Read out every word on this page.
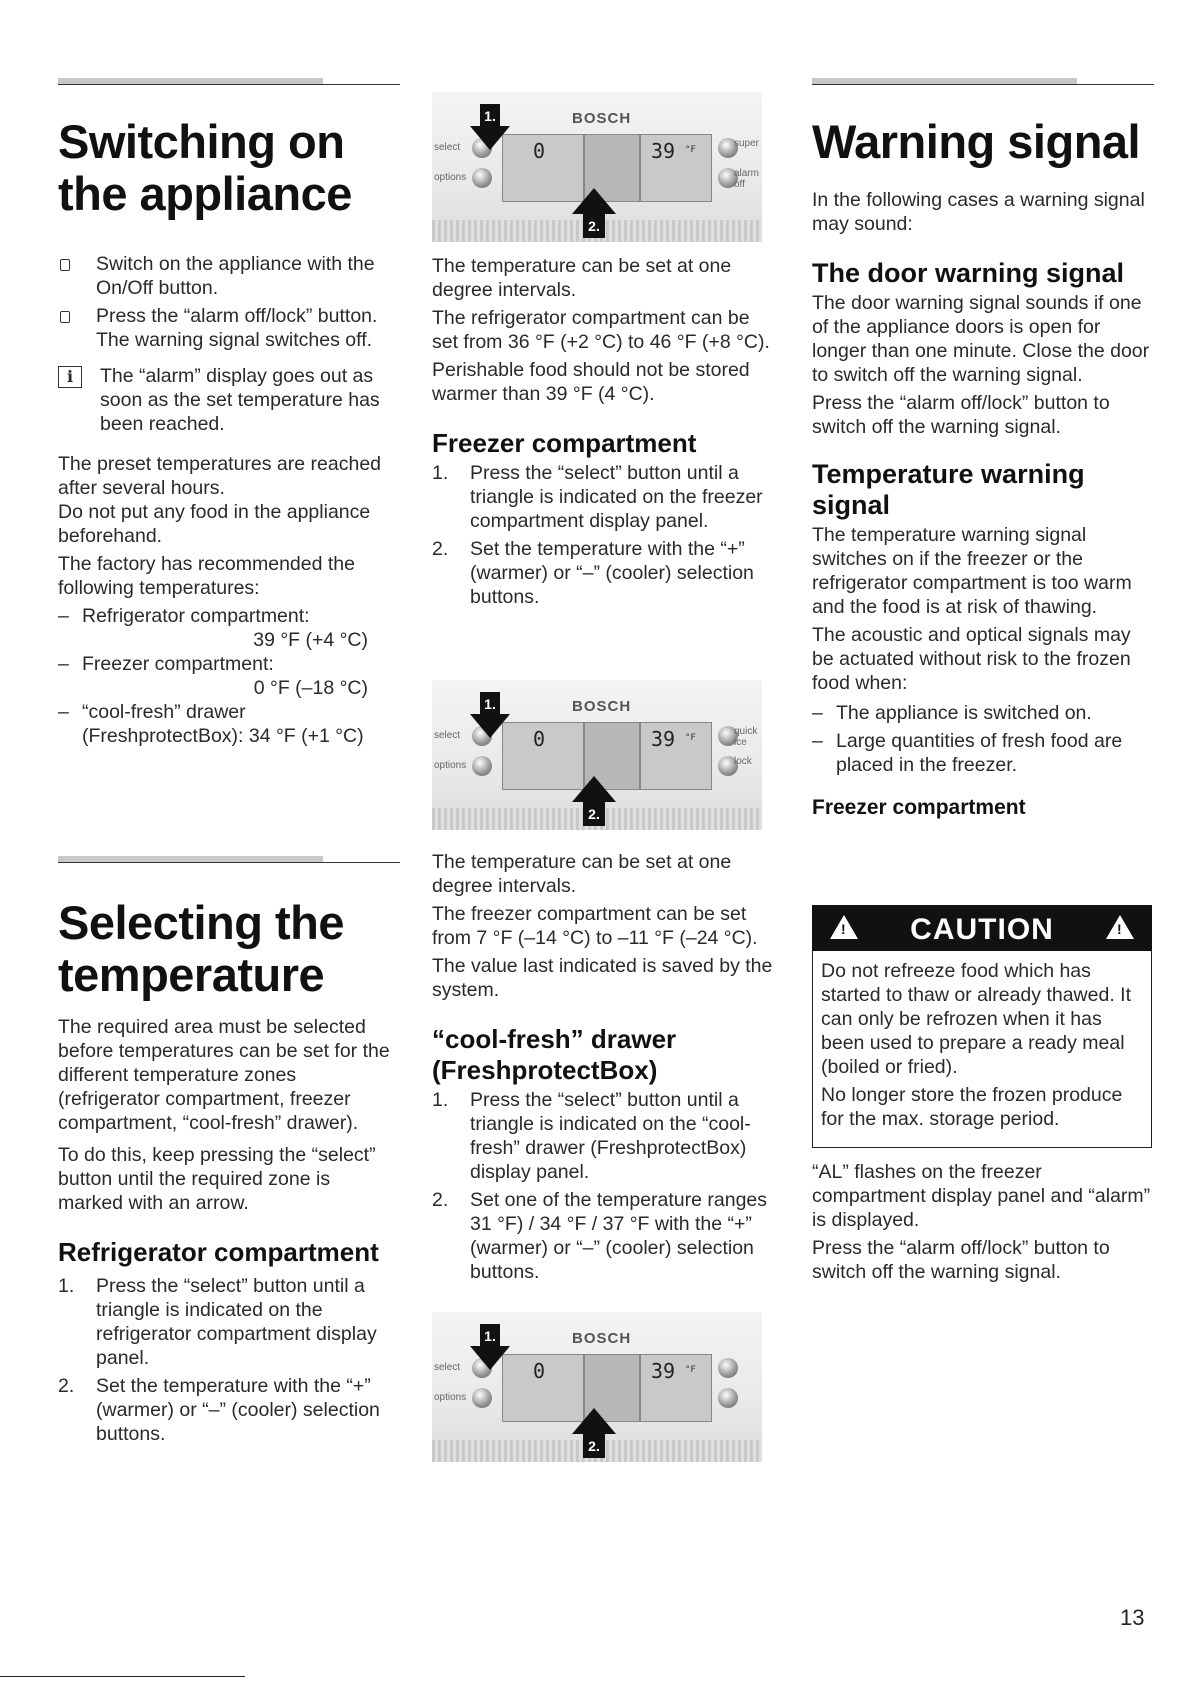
Switching on the appliance
Switch on the appliance with the On/Off button.
Press the “alarm off/lock” button. The warning signal switches off.
i	The “alarm” display goes out as soon as the set temperature has been reached.

The preset temperatures are reached after several hours.

Do not put any food in the appliance beforehand.

The factory has recommended the following temperatures:

– Refrigerator compartment:
39 °F (+4 °C)
– Freezer compartment:
0 °F (–18 °C)
– “cool-fresh” drawer
(FreshprotectBox): 34 °F (+1 °C)
Selecting the temperature

The required area must be selected before temperatures can be set for the different temperature zones (refrigerator compartment, freezer compartment, “cool-fresh” drawer).

To do this, keep pressing the “select” button until the required zone is marked with an arrow.

Refrigerator compartment
1. Press the “select” button until a triangle is indicated on the refrigerator compartment display panel.
2. Set the temperature with the “+” (warmer) or “–” (cooler) selection buttons.
BOSCH
select
options
0	39 °F
super
alarm off
1.
2.

The temperature can be set at one degree intervals.

The refrigerator compartment can be set from 36 °F (+2 °C) to 46 °F (+8 °C).

Perishable food should not be stored warmer than 39 °F (4 °C).

Freezer compartment
1. Press the “select” button until a triangle is indicated on the freezer compartment display panel.
2. Set the temperature with the “+” (warmer) or “–” (cooler) selection buttons.
BOSCH
select
options
0	39 °F
quick ice
lock
1.
2.

The temperature can be set at one degree intervals.

The freezer compartment can be set from 7 °F (–14 °C) to –11 °F (–24 °C).

The value last indicated is saved by the system.

“cool-fresh” drawer (FreshprotectBox)
1. Press the “select” button until a triangle is indicated on the “cool-fresh” drawer (FreshprotectBox) display panel.
2. Set one of the temperature ranges 31 °F) / 34 °F / 37 °F with the “+” (warmer) or “–” (cooler) selection buttons.
BOSCH
select
options
0	39 °F
1.
2.
Warning signal

In the following cases a warning signal may sound:

The door warning signal

The door warning signal sounds if one of the appliance doors is open for longer than one minute. Close the door to switch off the warning signal.

Press the “alarm off/lock” button to switch off the warning signal.

Temperature warning signal

The temperature warning signal switches on if the freezer or the refrigerator compartment is too warm and the food is at risk of thawing.

The acoustic and optical signals may be actuated without risk to the frozen food when:

– The appliance is switched on.
– Large quantities of fresh food are placed in the freezer.
Freezer compartment
!	CAUTION	!

Do not refreeze food which has started to thaw or already thawed. It can only be refrozen when it has been used to prepare a ready meal (boiled or fried).

No longer store the frozen produce for the max. storage period.

“AL” flashes on the freezer compartment display panel and “alarm” is displayed.

Press the “alarm off/lock” button to switch off the warning signal.

13
